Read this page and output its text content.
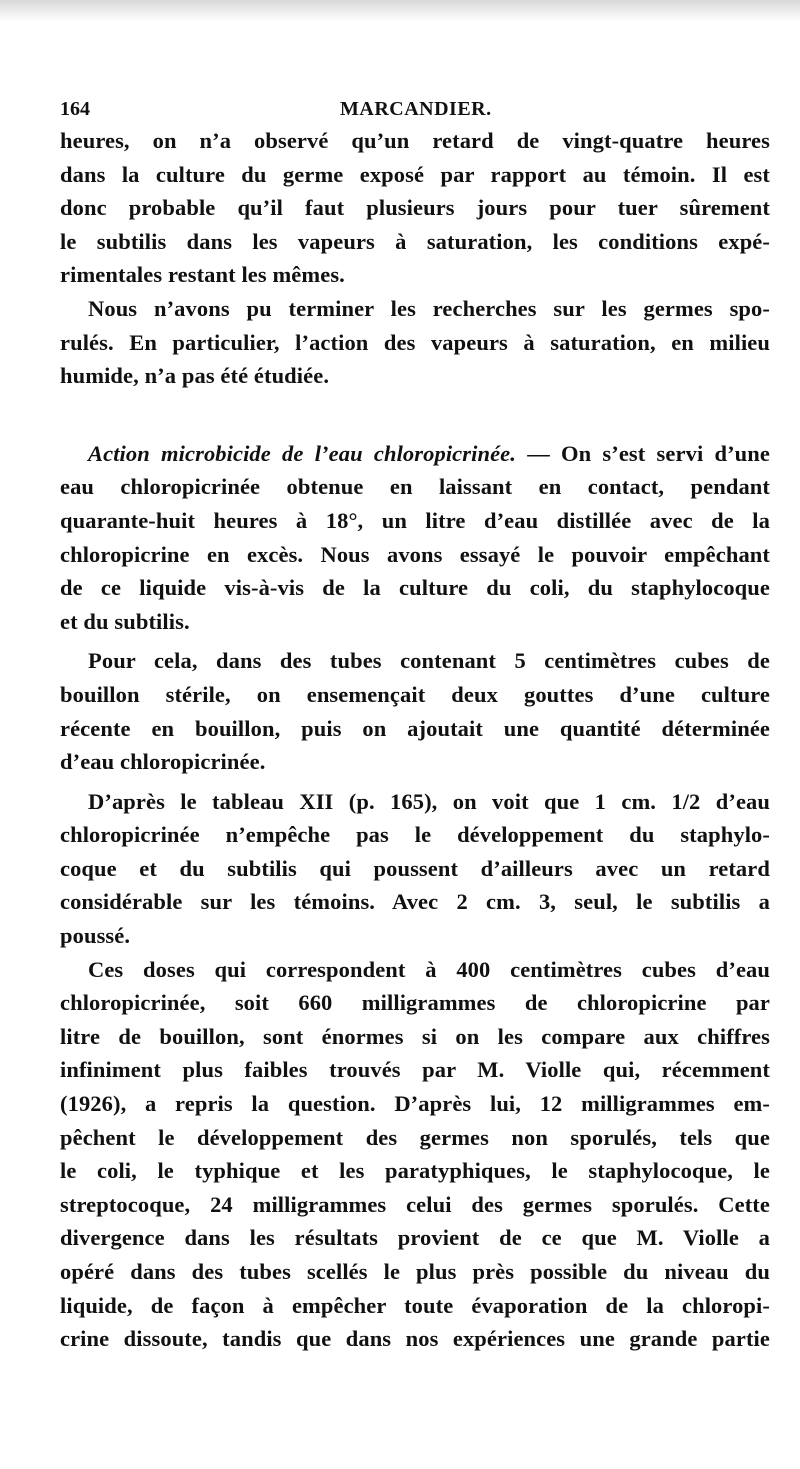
164	MARCANDIER.
heures, on n’a observé qu’un retard de vingt-quatre heures
dans la culture du germe exposé par rapport au témoin. Il est
donc probable qu’il faut plusieurs jours pour tuer sûrement
le subtilis dans les vapeurs à saturation, les conditions expé-
rimentales restant les mêmes.
Nous n’avons pu terminer les recherches sur les germes spo-
rulés. En particulier, l’action des vapeurs à saturation, en milieu
humide, n’a pas été étudiée.
Action microbicide de l’eau chloropicrinée. — On s’est servi d’une
eau chloropicrinée obtenue en laissant en contact, pendant
quarante-huit heures à 18°, un litre d’eau distillée avec de la
chloropicrine en excès. Nous avons essayé le pouvoir empêchant
de ce liquide vis-à-vis de la culture du coli, du staphylocoque
et du subtilis.
Pour cela, dans des tubes contenant 5 centimètres cubes de
bouillon stérile, on ensemençait deux gouttes d’une culture
récente en bouillon, puis on ajoutait une quantité déterminée
d’eau chloropicrinée.
D’après le tableau XII (p. 165), on voit que 1 cm. 1/2 d’eau
chloropicrinée n’empêche pas le développement du staphylo-
coque et du subtilis qui poussent d’ailleurs avec un retard
considérable sur les témoins. Avec 2 cm. 3, seul, le subtilis a
poussé.
Ces doses qui correspondent à 400 centimètres cubes d’eau
chloropicrinée, soit 660 milligrammes de chloropicrine par
litre de bouillon, sont énormes si on les compare aux chiffres
infiniment plus faibles trouvés par M. Violle qui, récemment
(1926), a repris la question. D’après lui, 12 milligrammes em-
pêchent le développement des germes non sporulés, tels que
le coli, le typhique et les paratyphiques, le staphylocoque, le
streptocoque, 24 milligrammes celui des germes sporulés. Cette
divergence dans les résultats provient de ce que M. Violle a
opéré dans des tubes scellés le plus près possible du niveau du
liquide, de façon à empêcher toute évaporation de la chloropi-
crine dissoute, tandis que dans nos expériences une grande partie
